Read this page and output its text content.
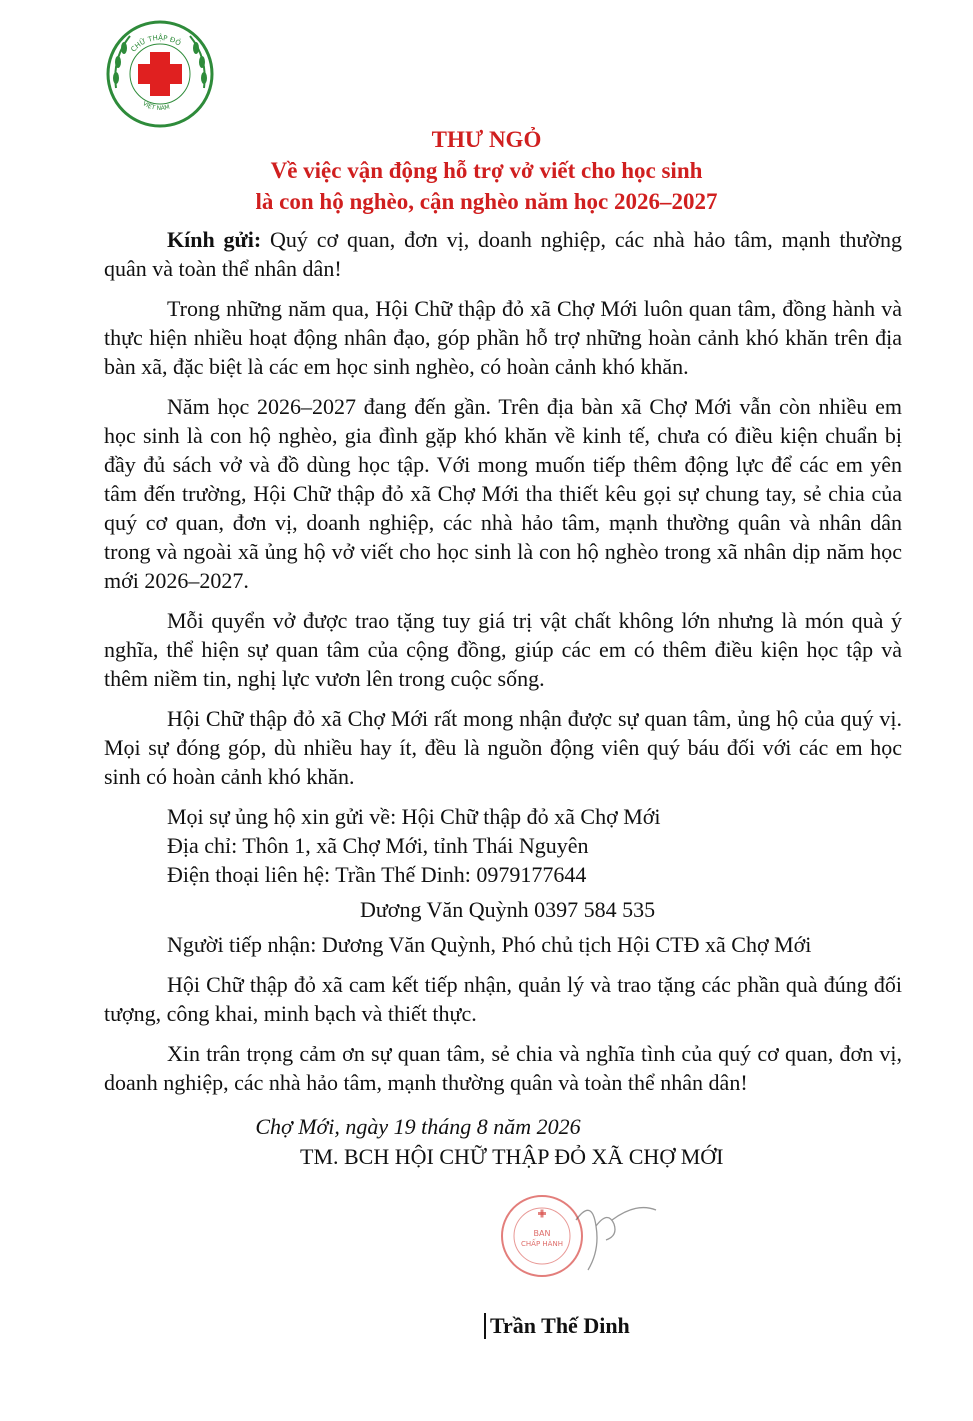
CHỮ THẬP ĐỎ
VIỆT NAM
THƯ NGỎ
Về việc vận động hỗ trợ vở viết cho học sinh
là con hộ nghèo, cận nghèo năm học 2026–2027

Kính gửi: Quý cơ quan, đơn vị, doanh nghiệp, các nhà hảo tâm, mạnh thường quân và toàn thể nhân dân!

Trong những năm qua, Hội Chữ thập đỏ xã Chợ Mới luôn quan tâm, đồng hành và thực hiện nhiều hoạt động nhân đạo, góp phần hỗ trợ những hoàn cảnh khó khăn trên địa bàn xã, đặc biệt là các em học sinh nghèo, có hoàn cảnh khó khăn.

Năm học 2026–2027 đang đến gần. Trên địa bàn xã Chợ Mới vẫn còn nhiều em học sinh là con hộ nghèo, gia đình gặp khó khăn về kinh tế, chưa có điều kiện chuẩn bị đầy đủ sách vở và đồ dùng học tập. Với mong muốn tiếp thêm động lực để các em yên tâm đến trường, Hội Chữ thập đỏ xã Chợ Mới tha thiết kêu gọi sự chung tay, sẻ chia của quý cơ quan, đơn vị, doanh nghiệp, các nhà hảo tâm, mạnh thường quân và nhân dân trong và ngoài xã ủng hộ vở viết cho học sinh là con hộ nghèo trong xã nhân dịp năm học mới 2026–2027.

Mỗi quyển vở được trao tặng tuy giá trị vật chất không lớn nhưng là món quà ý nghĩa, thể hiện sự quan tâm của cộng đồng, giúp các em có thêm điều kiện học tập và thêm niềm tin, nghị lực vươn lên trong cuộc sống.

Hội Chữ thập đỏ xã Chợ Mới rất mong nhận được sự quan tâm, ủng hộ của quý vị. Mọi sự đóng góp, dù nhiều hay ít, đều là nguồn động viên quý báu đối với các em học sinh có hoàn cảnh khó khăn.

Mọi sự ủng hộ xin gửi về: Hội Chữ thập đỏ xã Chợ Mới
Địa chỉ: Thôn 1, xã Chợ Mới, tỉnh Thái Nguyên
Điện thoại liên hệ: Trần Thế Dinh: 0979177644
Dương Văn Quỳnh 0397 584 535
Người tiếp nhận: Dương Văn Quỳnh, Phó chủ tịch Hội CTĐ xã Chợ Mới

Hội Chữ thập đỏ xã cam kết tiếp nhận, quản lý và trao tặng các phần quà đúng đối tượng, công khai, minh bạch và thiết thực.

Xin trân trọng cảm ơn sự quan tâm, sẻ chia và nghĩa tình của quý cơ quan, đơn vị, doanh nghiệp, các nhà hảo tâm, mạnh thường quân và toàn thể nhân dân!

Chợ Mới, ngày 19 tháng 8 năm 2026
TM. BCH HỘI CHỮ THẬP ĐỎ XÃ CHỢ MỚI
BAN
CHẤP HÀNH
Trần Thế Dinh
